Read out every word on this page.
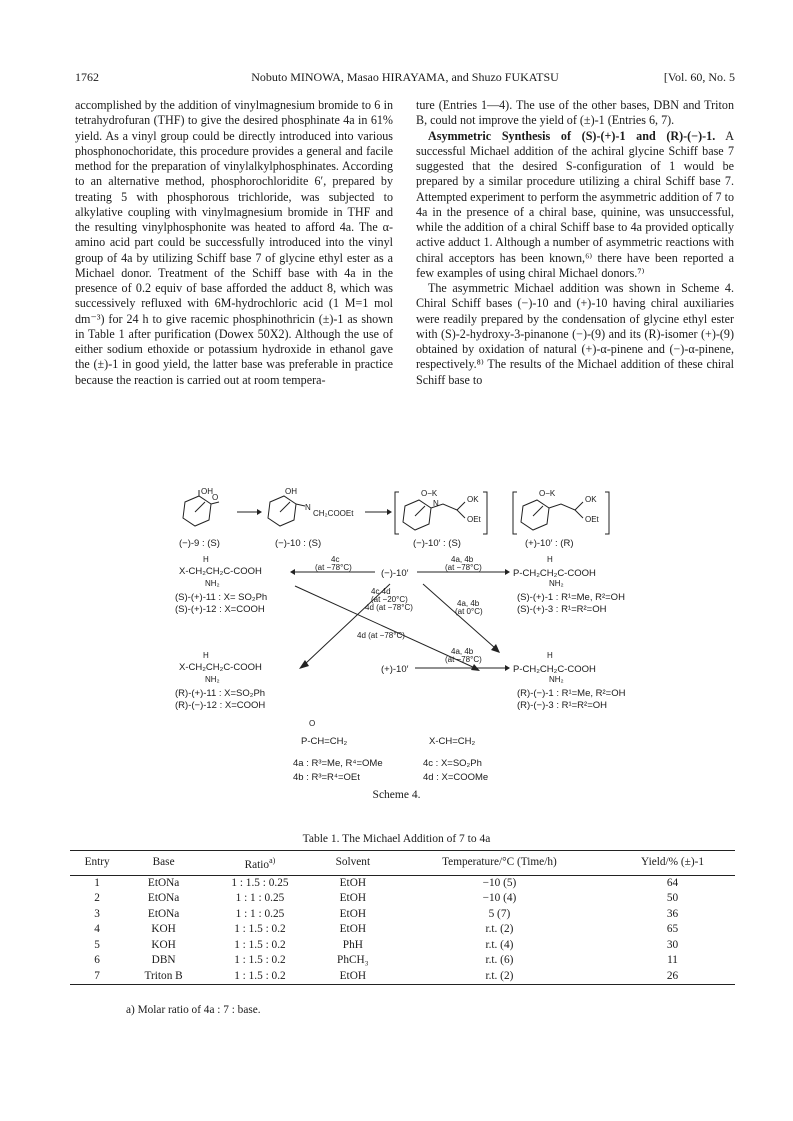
1762	Nobuto MINOWA, Masao HIRAYAMA, and Shuzo FUKATSU	[Vol. 60, No. 5

accomplished by the addition of vinylmagnesium bromide to 6 in tetrahydrofuran (THF) to give the desired phosphinate 4a in 61% yield. As a vinyl group could be directly introduced into various phosphonochoridate, this procedure provides a general and facile method for the preparation of vinylalkylphosphinates. According to an alternative method, phosphorochloridite 6′, prepared by treating 5 with phosphorous trichloride, was subjected to alkylative coupling with vinylmagnesium bromide in THF and the resulting vinylphosphonite was heated to afford 4a. The α-amino acid part could be successfully introduced into the vinyl group of 4a by utilizing Schiff base 7 of glycine ethyl ester as a Michael donor. Treatment of the Schiff base with 4a in the presence of 0.2 equiv of base afforded the adduct 8, which was successively refluxed with 6M-hydrochloric acid (1 M=1 mol dm⁻³) for 24 h to give racemic phosphinothricin (±)-1 as shown in Table 1 after purification (Dowex 50X2). Although the use of either sodium ethoxide or potassium hydroxide in ethanol gave the (±)-1 in good yield, the latter base was preferable in practice because the reaction is carried out at room tempera-

ture (Entries 1—4). The use of the other bases, DBN and Triton B, could not improve the yield of (±)-1 (Entries 6, 7).

Asymmetric Synthesis of (S)-(+)-1 and (R)-(−)-1. A successful Michael addition of the achiral glycine Schiff base 7 suggested that the desired S-configuration of 1 would be prepared by a similar procedure utilizing a chiral Schiff base 7. Attempted experiment to perform the asymmetric addition of 7 to 4a in the presence of a chiral base, quinine, was unsuccessful, while the addition of a chiral Schiff base to 4a provided optically active adduct 1. Although a number of asymmetric reactions with chiral acceptors has been known,⁶⁾ there have been reported a few examples of using chiral Michael donors.⁷⁾

The asymmetric Michael addition was shown in Scheme 4. Chiral Schiff bases (−)-10 and (+)-10 having chiral auxiliaries were readily prepared by the condensation of glycine ethyl ester with (S)-2-hydroxy-3-pinanone (−)-(9) and its (R)-isomer (+)-(9) obtained by oxidation of natural (+)-α-pinene and (−)-α-pinene, respectively.⁸⁾ The results of the Michael addition of these chiral Schiff base to

O
OH
(−)-9 : (S)
OH
N
CH₂COOEt
(−)-10 : (S)
O−K
N	OK
OEt
(−)-10′ : (S)
O−K
OK
OEt
(+)-10′ : (R)
H
X-CH₂CH₂C-COOH
NH₂
(S)-(+)-11 : X= SO₂Ph
(S)-(+)-12 : X=COOH
4c
(at −78°C)
(−)-10′
4a, 4b
(at −78°C)
H
P-CH₂CH₂C-COOH
NH₂
(S)-(+)-1 : R¹=Me, R²=OH
(S)-(+)-3 : R¹=R²=OH
4c 4d
(at −20°C)
4d (at −78°C)
4d (at −78°C)
4a, 4b
(at 0°C)
H
X-CH₂CH₂C-COOH
NH₂
(R)-(+)-11 : X=SO₂Ph
(R)-(−)-12 : X=COOH
(+)-10′
4a, 4b
(at −78°C)	H
P-CH₂CH₂C-COOH
NH₂
(R)-(−)-1 : R¹=Me, R²=OH
(R)-(−)-3 : R¹=R²=OH
O
P-CH=CH₂
4a : R³=Me, R⁴=OMe
4b : R³=R⁴=OEt
X-CH=CH₂
4c : X=SO₂Ph
4d : X=COOMe
Scheme 4.
Table 1. The Michael Addition of 7 to 4a
Entry	Base	Ratio$^{a)}$	Solvent	Temperature/°C (Time/h)	Yield/% (±)-1
1	EtONa	1 : 1.5 : 0.25	EtOH	−10 (5)	64
2	EtONa	1 : 1 : 0.25	EtOH	−10 (4)	50
3	EtONa	1 : 1 : 0.25	EtOH	5 (7)	36
4	KOH	1 : 1.5 : 0.2	EtOH	r.t. (2)	65
5	KOH	1 : 1.5 : 0.2	PhH	r.t. (4)	30
6	DBN	1 : 1.5 : 0.2	PhCH₃	r.t. (6)	11
7	Triton B	1 : 1.5 : 0.2	EtOH	r.t. (2)	26
a) Molar ratio of 4a : 7 : base.
